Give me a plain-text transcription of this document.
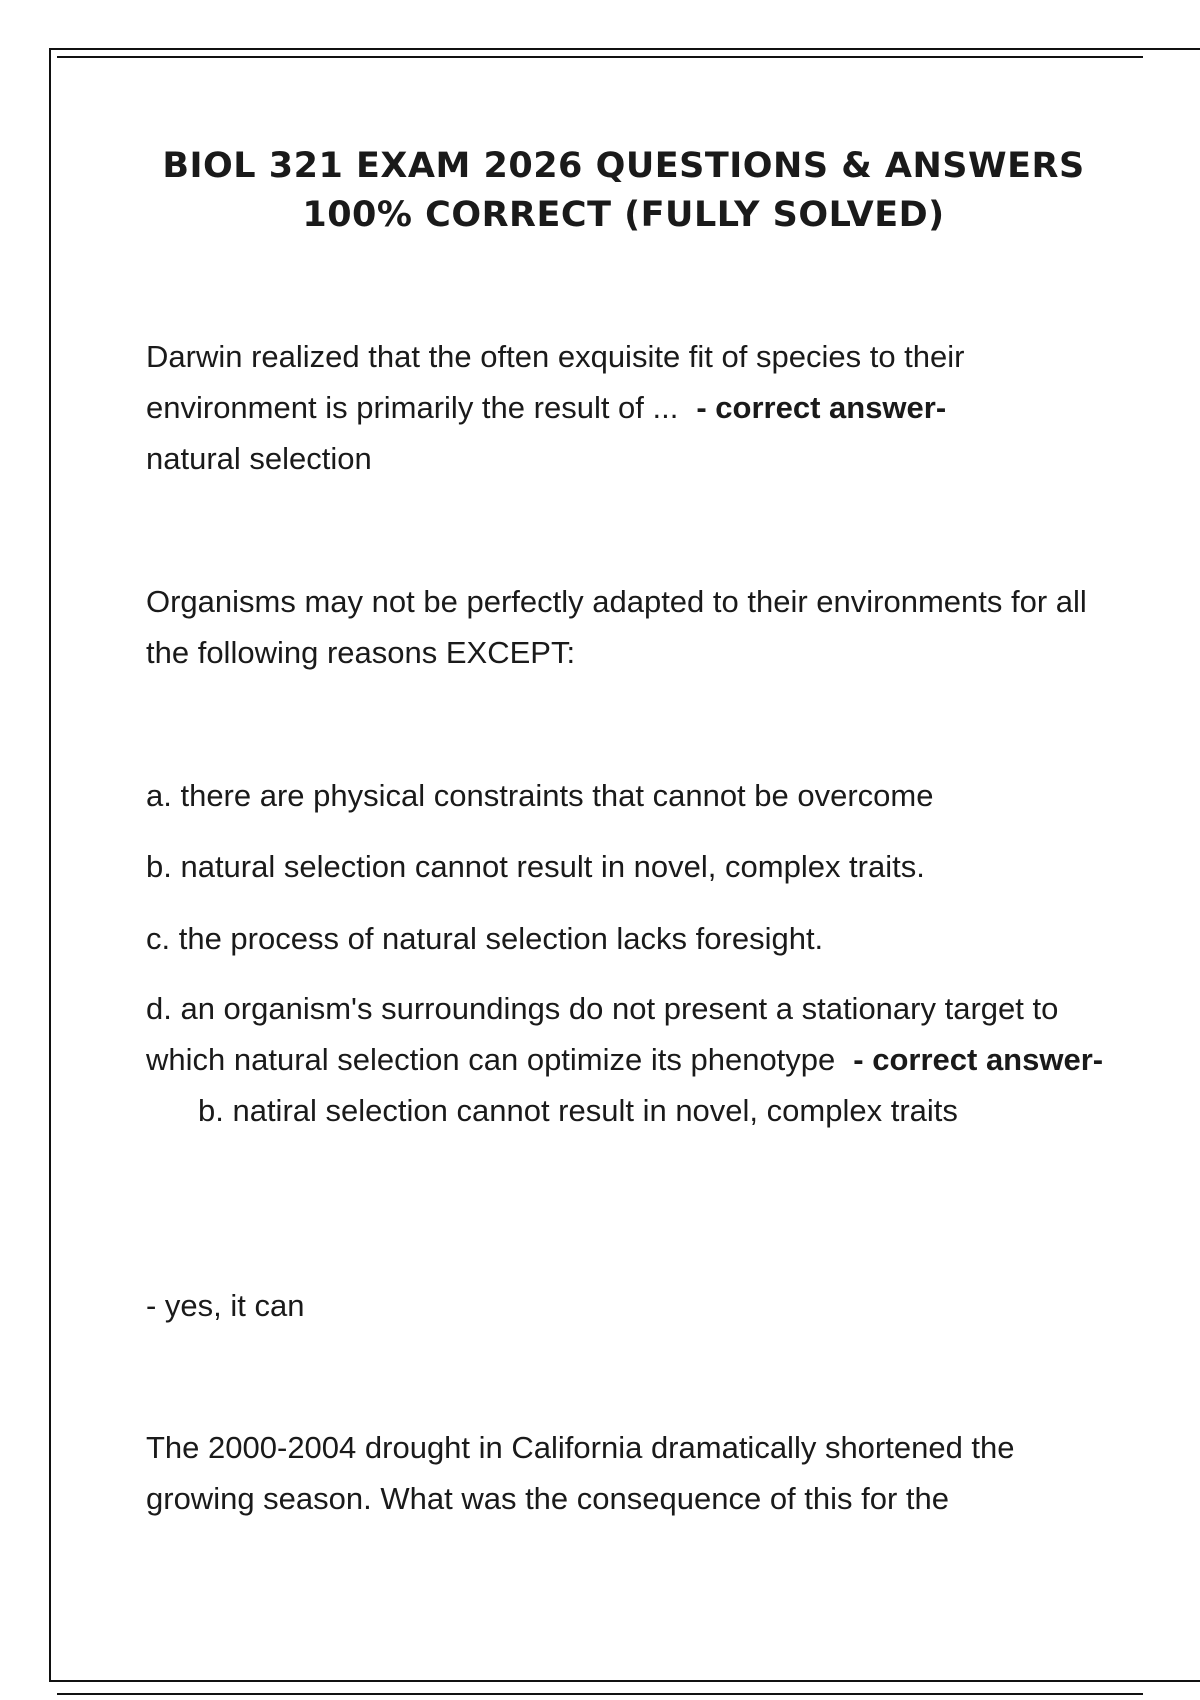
BIOL 321 EXAM 2026 QUESTIONS & ANSWERS
100% CORRECT (FULLY SOLVED)
Darwin realized that the often exquisite fit of species to their environment is primarily the result of ... - correct answer-
natural selection
Organisms may not be perfectly adapted to their environments for all the following reasons EXCEPT:
a. there are physical constraints that cannot be overcome
b. natural selection cannot result in novel, complex traits.
c. the process of natural selection lacks foresight.
d. an organism's surroundings do not present a stationary target to which natural selection can optimize its phenotype - correct answer-b. natiral selection cannot result in novel, complex traits
- yes, it can
The 2000-2004 drought in California dramatically shortened the growing season. What was the consequence of this for the
